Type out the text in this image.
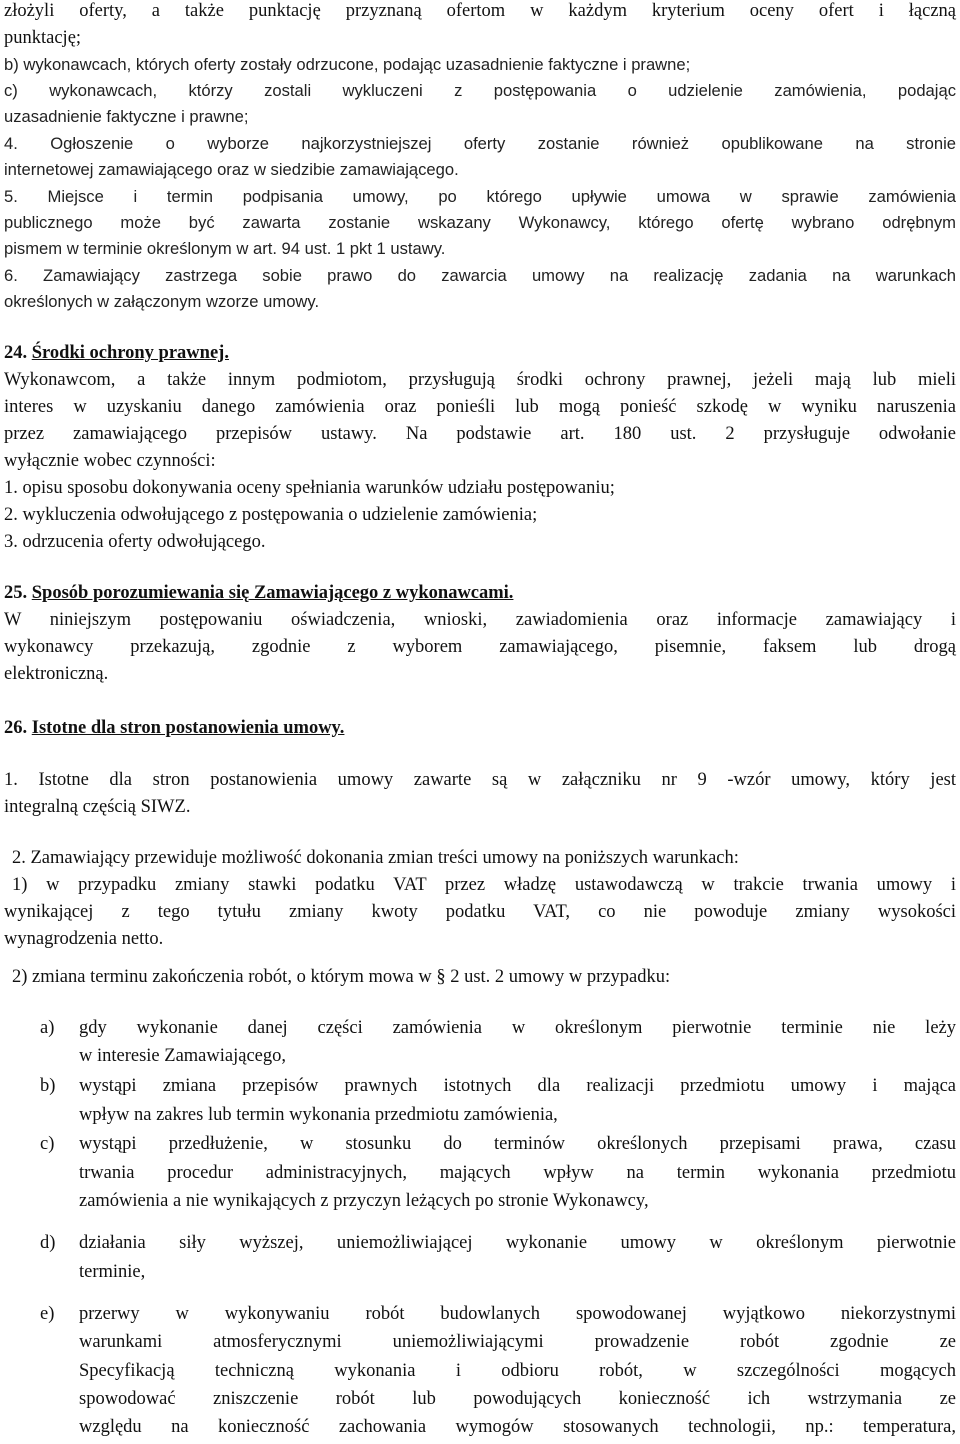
złożyli oferty, a także punktację przyznaną ofertom w każdym kryterium oceny ofert i łączną
punktację;
b) wykonawcach, których oferty zostały odrzucone, podając uzasadnienie faktyczne i prawne;
c) wykonawcach, którzy zostali wykluczeni z postępowania o udzielenie zamówienia, podając
uzasadnienie faktyczne i prawne;
4. Ogłoszenie o wyborze najkorzystniejszej oferty zostanie również opublikowane na stronie
internetowej zamawiającego oraz w siedzibie zamawiającego.
5. Miejsce i termin podpisania umowy, po którego upływie umowa w sprawie zamówienia
publicznego może być zawarta zostanie wskazany Wykonawcy, którego ofertę wybrano odrębnym
pismem w terminie określonym w art. 94 ust. 1 pkt 1 ustawy.
6. Zamawiający zastrzega sobie prawo do zawarcia umowy na realizację zadania na warunkach
określonych w załączonym wzorze umowy.
24. Środki ochrony prawnej.
Wykonawcom, a także innym podmiotom, przysługują środki ochrony prawnej, jeżeli mają lub mieli
interes w uzyskaniu danego zamówienia oraz ponieśli lub mogą ponieść szkodę w wyniku naruszenia
przez zamawiającego przepisów ustawy. Na podstawie art. 180 ust. 2 przysługuje odwołanie
wyłącznie wobec czynności:
1. opisu sposobu dokonywania oceny spełniania warunków udziału postępowaniu;
2. wykluczenia odwołującego z postępowania o udzielenie zamówienia;
3. odrzucenia oferty odwołującego.
25. Sposób porozumiewania się Zamawiającego z wykonawcami.
W niniejszym postępowaniu oświadczenia, wnioski, zawiadomienia oraz informacje zamawiający i
wykonawcy przekazują, zgodnie z wyborem zamawiającego, pisemnie, faksem lub drogą
elektroniczną.
26. Istotne dla stron postanowienia umowy.
1. Istotne dla stron postanowienia umowy zawarte są w załączniku nr 9 -wzór umowy, który jest
integralną częścią SIWZ.
2. Zamawiający przewiduje możliwość dokonania zmian treści umowy na poniższych warunkach:
1) w przypadku zmiany stawki podatku VAT przez władzę ustawodawczą w trakcie trwania umowy i
wynikającej z tego tytułu zmiany kwoty podatku VAT, co nie powoduje zmiany wysokości
wynagrodzenia netto.
2) zmiana terminu zakończenia robót, o którym mowa w § 2 ust. 2 umowy w przypadku:
a) gdy wykonanie danej części zamówienia w określonym pierwotnie terminie nie leży
w interesie Zamawiającego,
b) wystąpi zmiana przepisów prawnych istotnych dla realizacji przedmiotu umowy i mająca
wpływ na zakres lub termin wykonania przedmiotu zamówienia,
c) wystąpi przedłużenie, w stosunku do terminów określonych przepisami prawa, czasu
trwania procedur administracyjnych, mających wpływ na termin wykonania przedmiotu
zamówienia a nie wynikających z przyczyn leżących po stronie Wykonawcy,
d) działania siły wyższej, uniemożliwiającej wykonanie umowy w określonym pierwotnie
terminie,
e) przerwy w wykonywaniu robót budowlanych spowodowanej wyjątkowo niekorzystnymi
warunkami atmosferycznymi uniemożliwiającymi prowadzenie robót zgodnie ze
Specyfikacją techniczną wykonania i odbioru robót, w szczególności mogących
spowodować zniszczenie robót lub powodujących konieczność ich wstrzymania ze
względu na konieczność zachowania wymogów stosowanych technologii, np.: temperatura,
